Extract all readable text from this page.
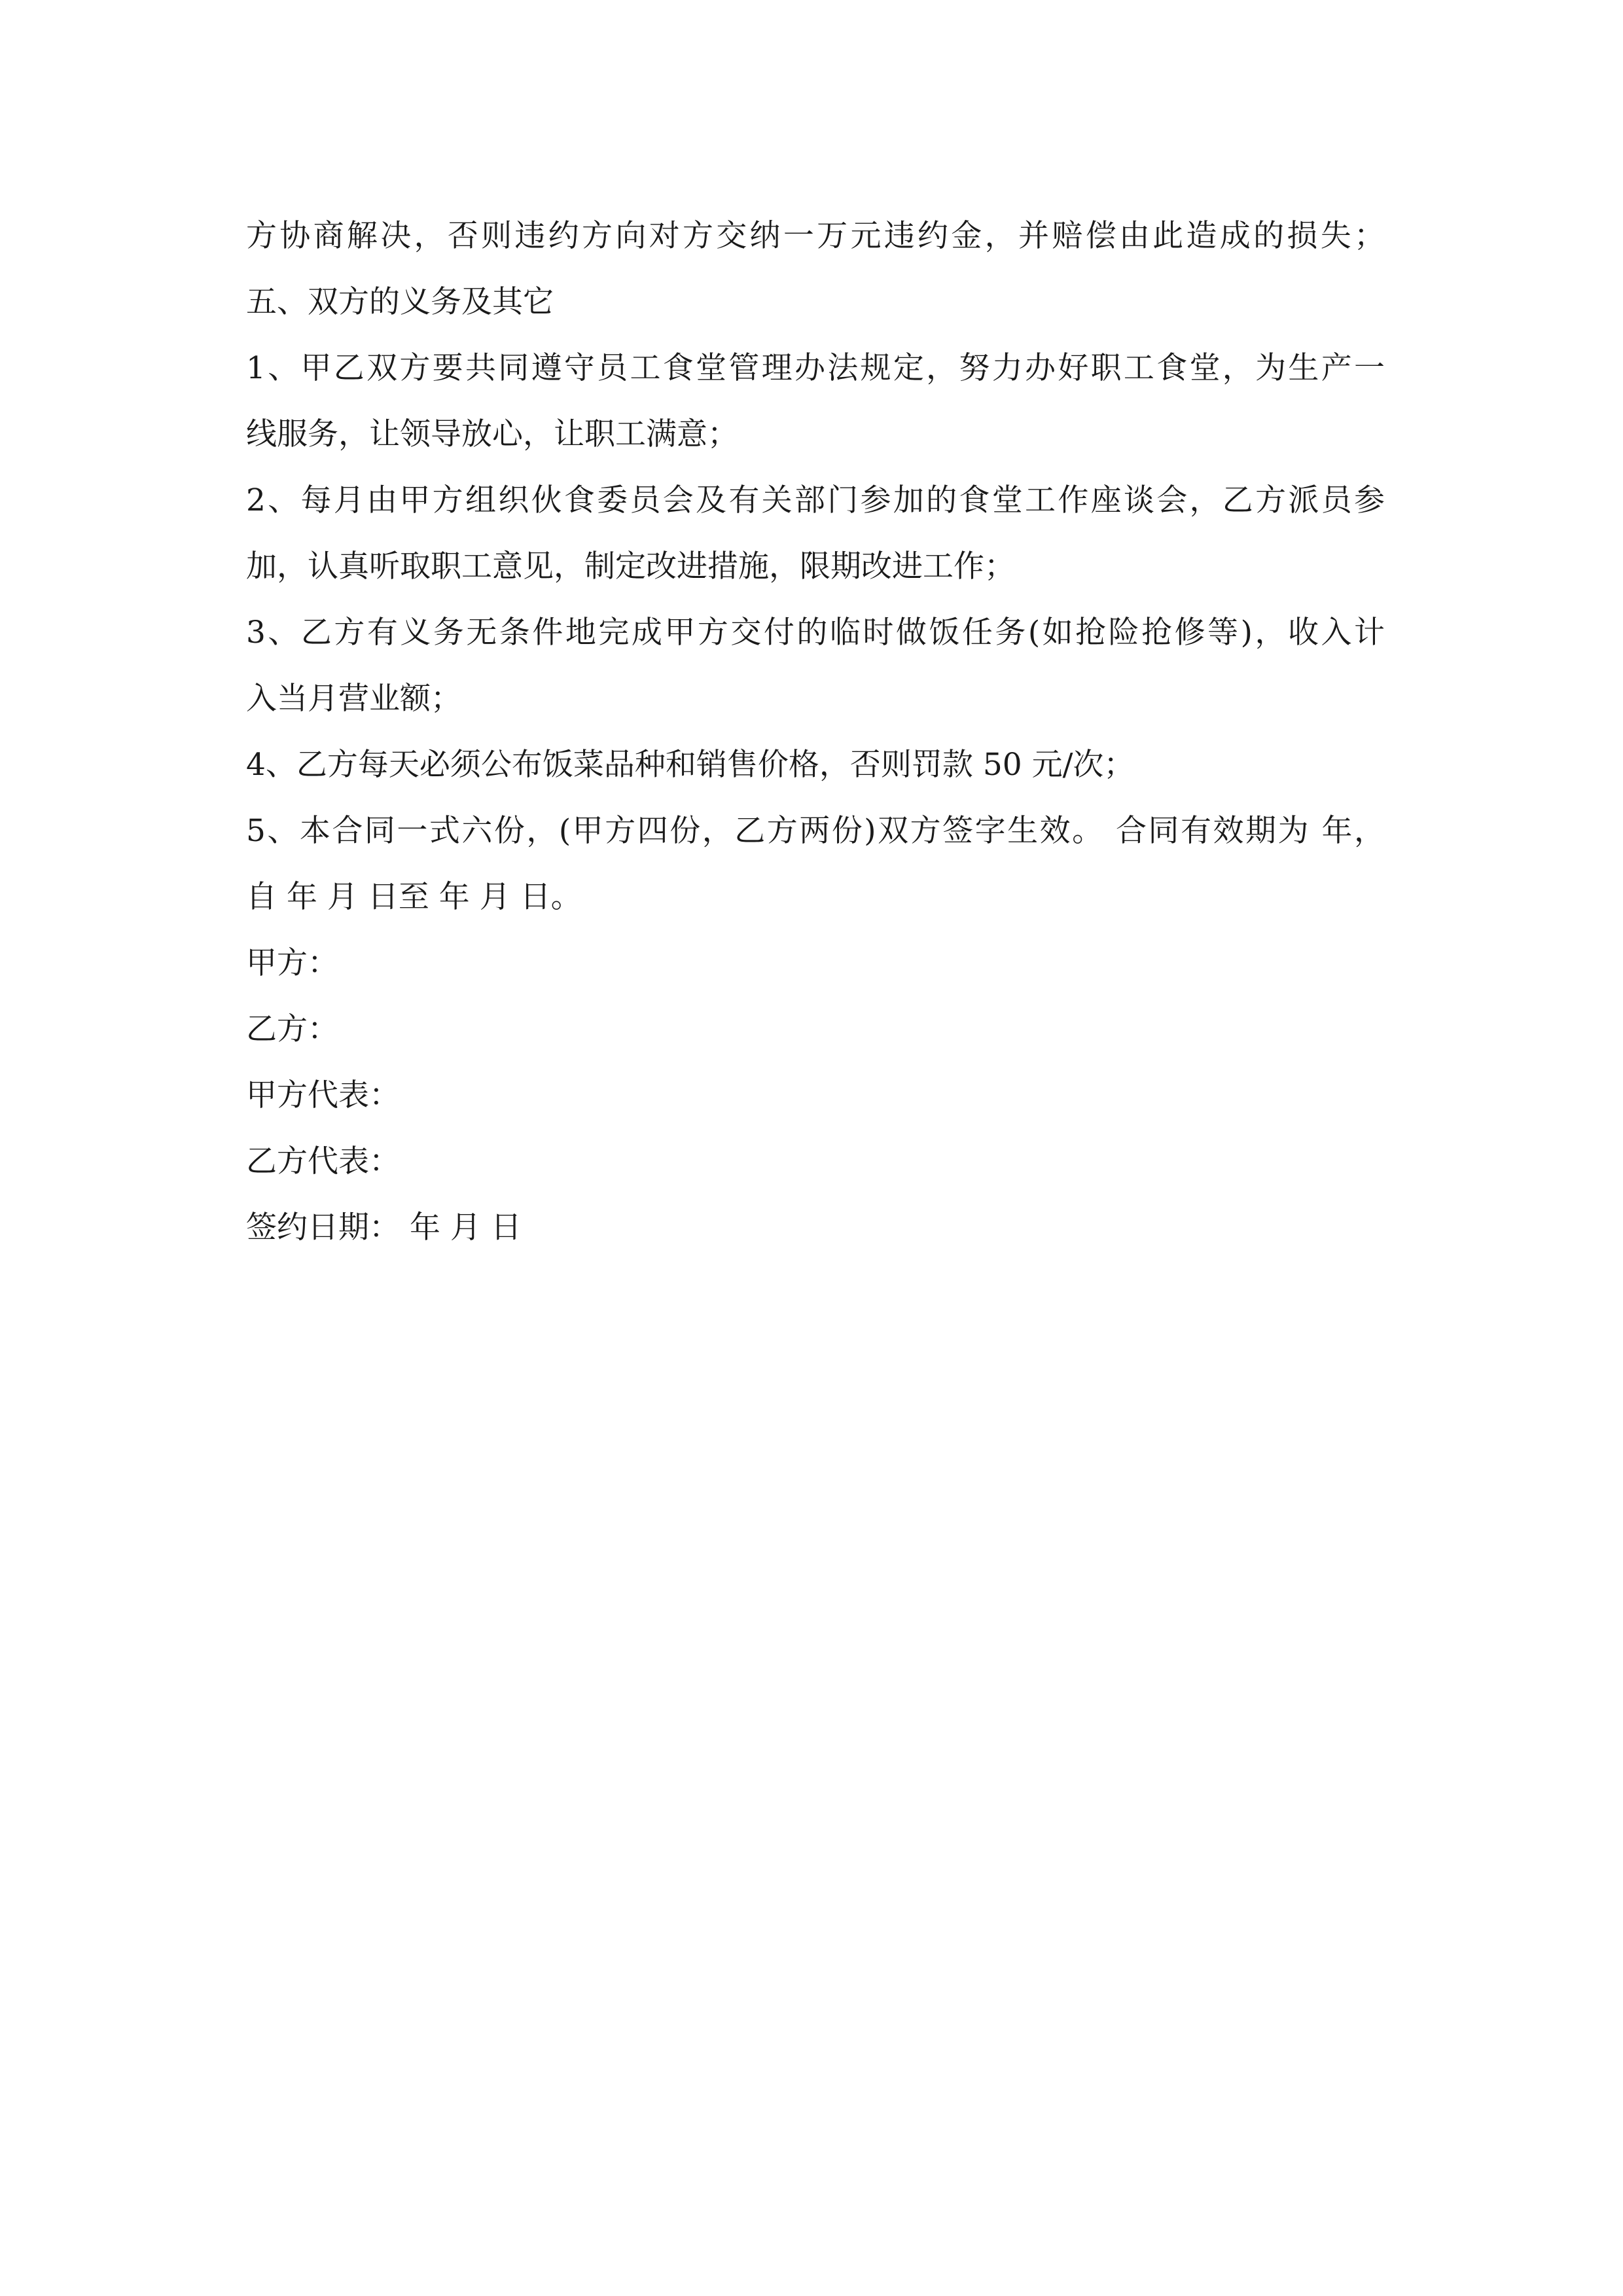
方协商解决，否则违约方向对方交纳一万元违约金，并赔偿由此造成的损失；
五、双方的义务及其它
1、甲乙双方要共同遵守员工食堂管理办法规定，努力办好职工食堂，为生产一
线服务，让领导放心，让职工满意；
2、每月由甲方组织伙食委员会及有关部门参加的食堂工作座谈会，乙方派员参
加，认真听取职工意见，制定改进措施，限期改进工作；
3、乙方有义务无条件地完成甲方交付的临时做饭任务(如抢险抢修等)，收入计
入当月营业额；
4、乙方每天必须公布饭菜品种和销售价格，否则罚款 50 元/次；
5、本合同一式六份，(甲方四份，乙方两份)双方签字生效。 合同有效期为 年，
自 年 月 日至 年 月 日。
甲方：
乙方：
甲方代表：
乙方代表：
签约日期： 年 月 日
